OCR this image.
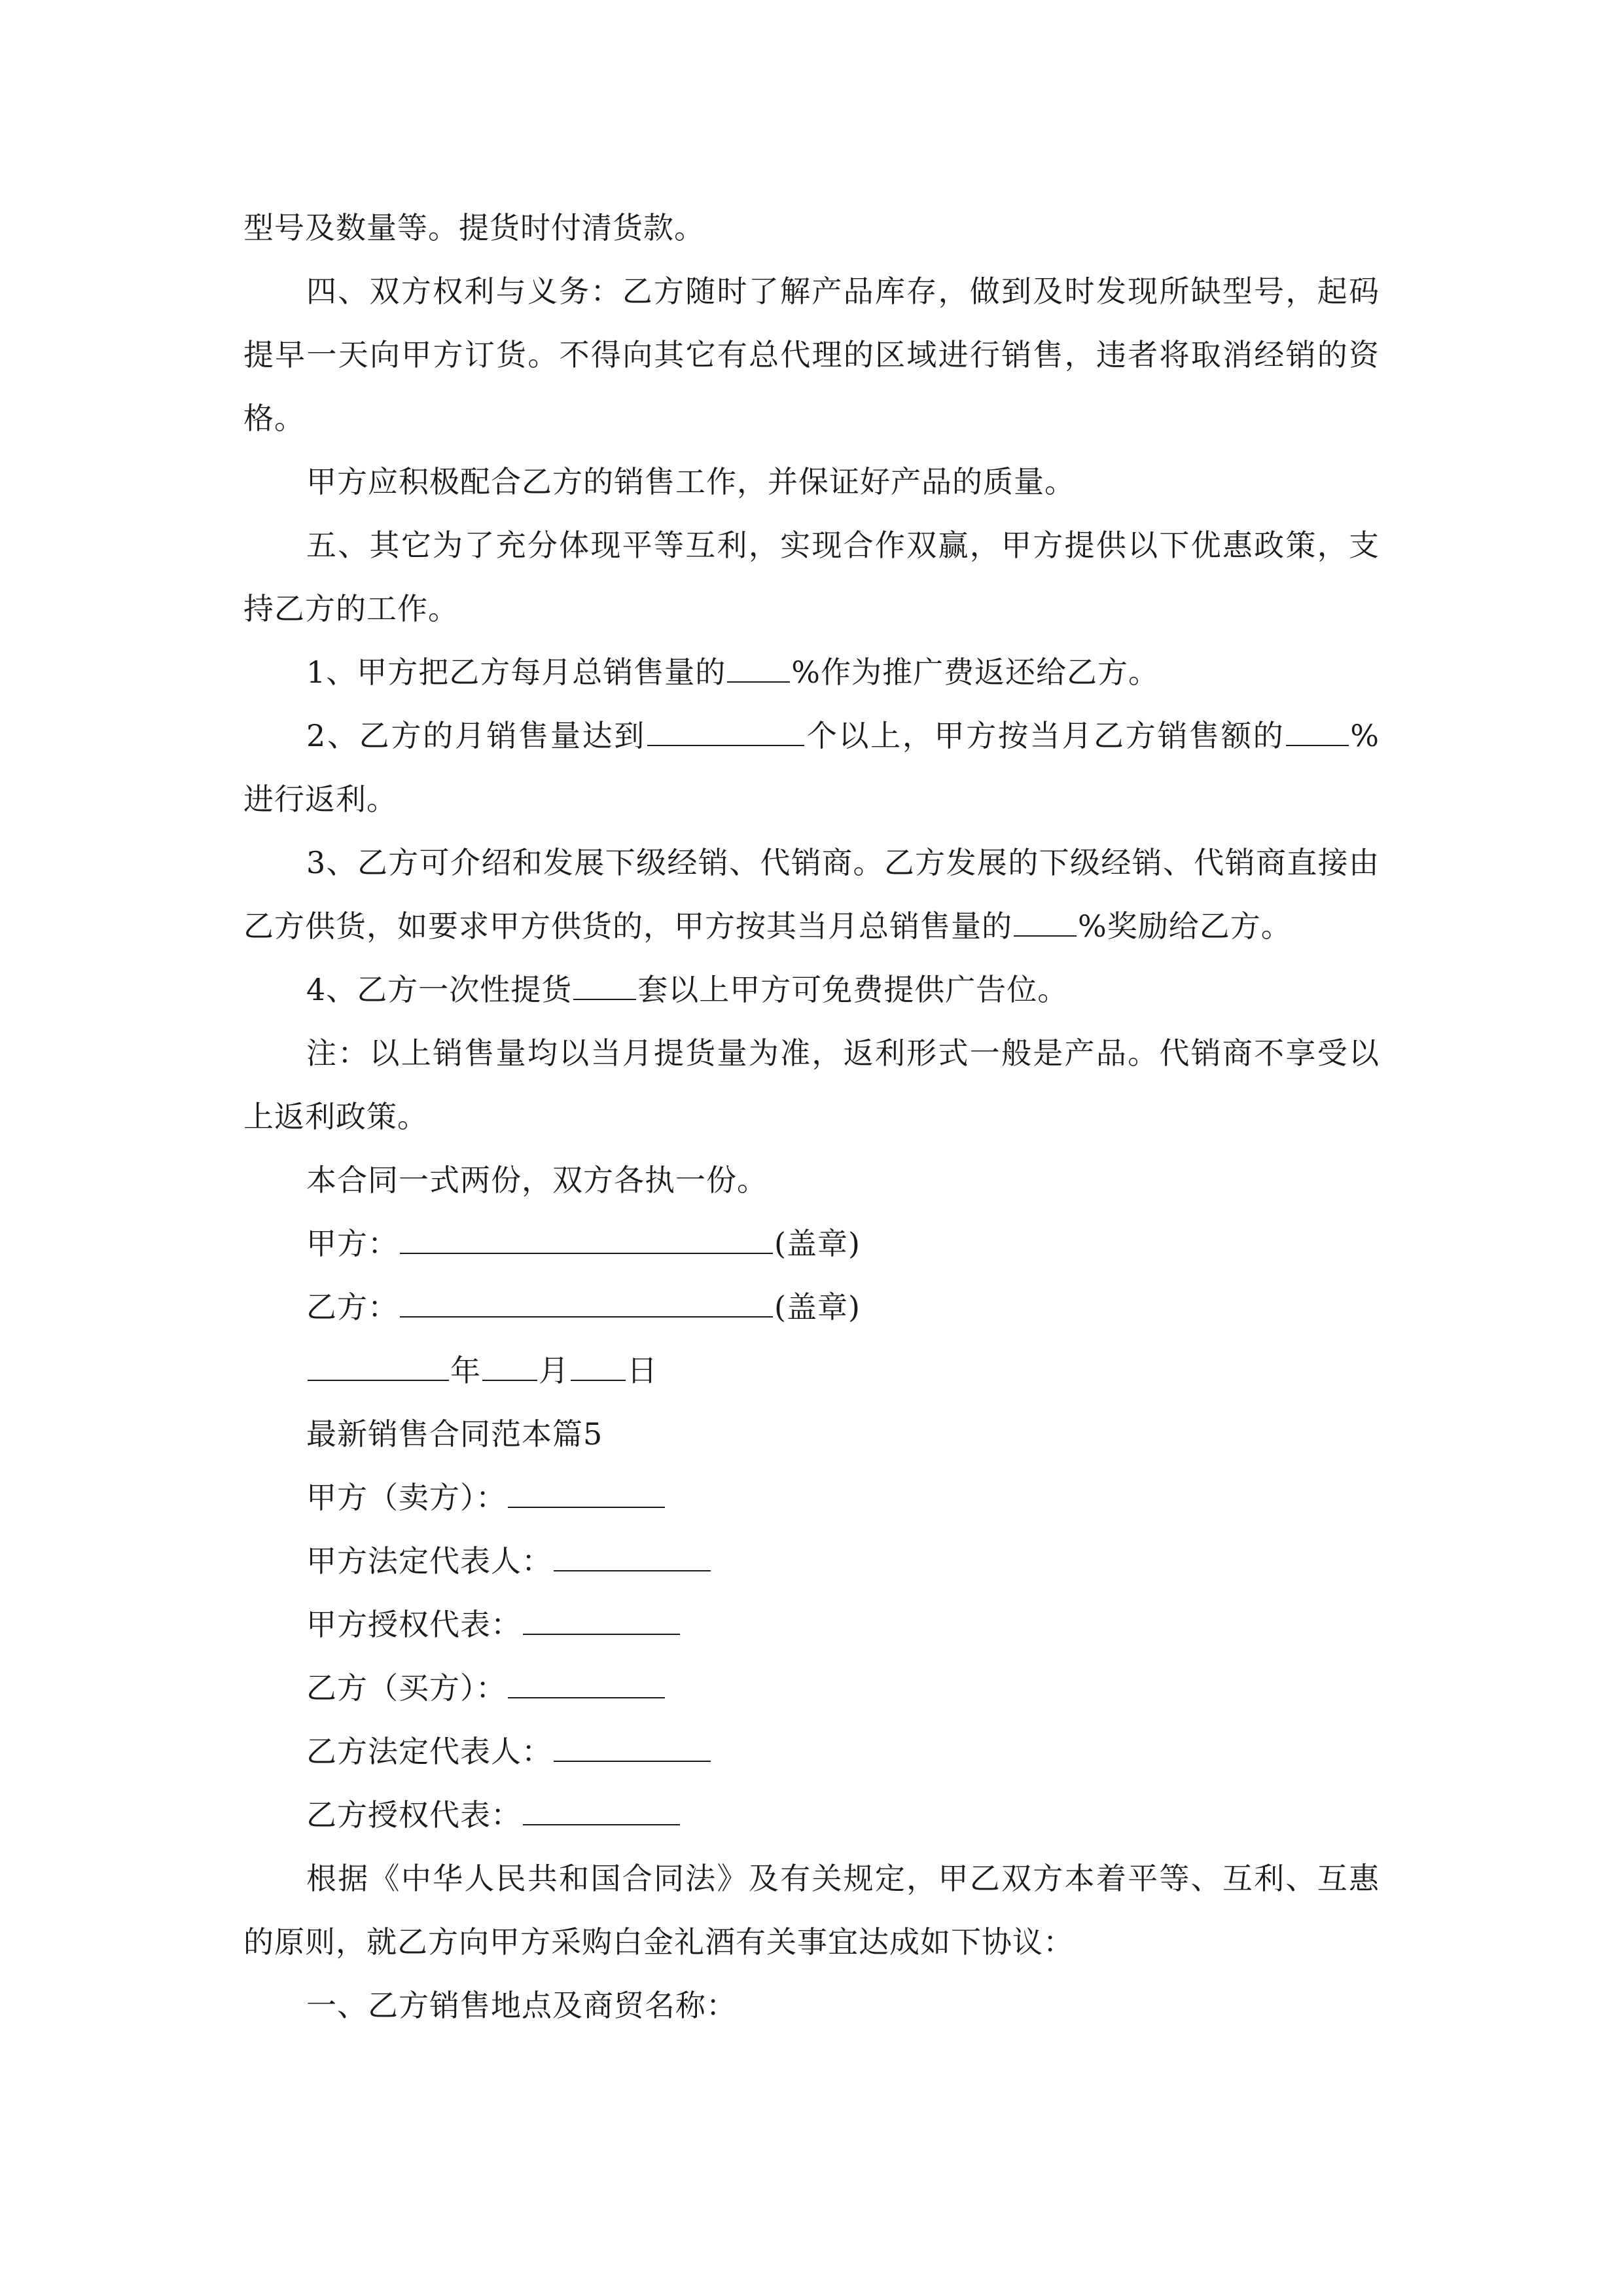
型号及数量等。提货时付清货款。

四、双方权利与义务：乙方随时了解产品库存，做到及时发现所缺型号，起码提早一天向甲方订货。不得向其它有总代理的区域进行销售，违者将取消经销的资格。

甲方应积极配合乙方的销售工作，并保证好产品的质量。

五、其它为了充分体现平等互利，实现合作双赢，甲方提供以下优惠政策，支持乙方的工作。

1、甲方把乙方每月总销售量的 %作为推广费返还给乙方。

2、乙方的月销售量达到	个以上，甲方按当月乙方销售额的 %进行返利。

3、乙方可介绍和发展下级经销、代销商。乙方发展的下级经销、代销商直接由乙方供货，如要求甲方供货的，甲方按其当月总销售量的 %奖励给乙方。

4、乙方一次性提货 套以上甲方可免费提供广告位。

注：以上销售量均以当月提货量为准，返利形式一般是产品。代销商不享受以上返利政策。

本合同一式两份，双方各执一份。

甲方：	(盖章)
乙方：	(盖章)
年 月 日
最新销售合同范本篇5
甲方（卖方）：
甲方法定代表人：
甲方授权代表：
乙方（买方）：
乙方法定代表人：
乙方授权代表：

根据《中华人民共和国合同法》及有关规定，甲乙双方本着平等、互利、互惠的原则，就乙方向甲方采购白金礼酒有关事宜达成如下协议：

一、乙方销售地点及商贸名称：
